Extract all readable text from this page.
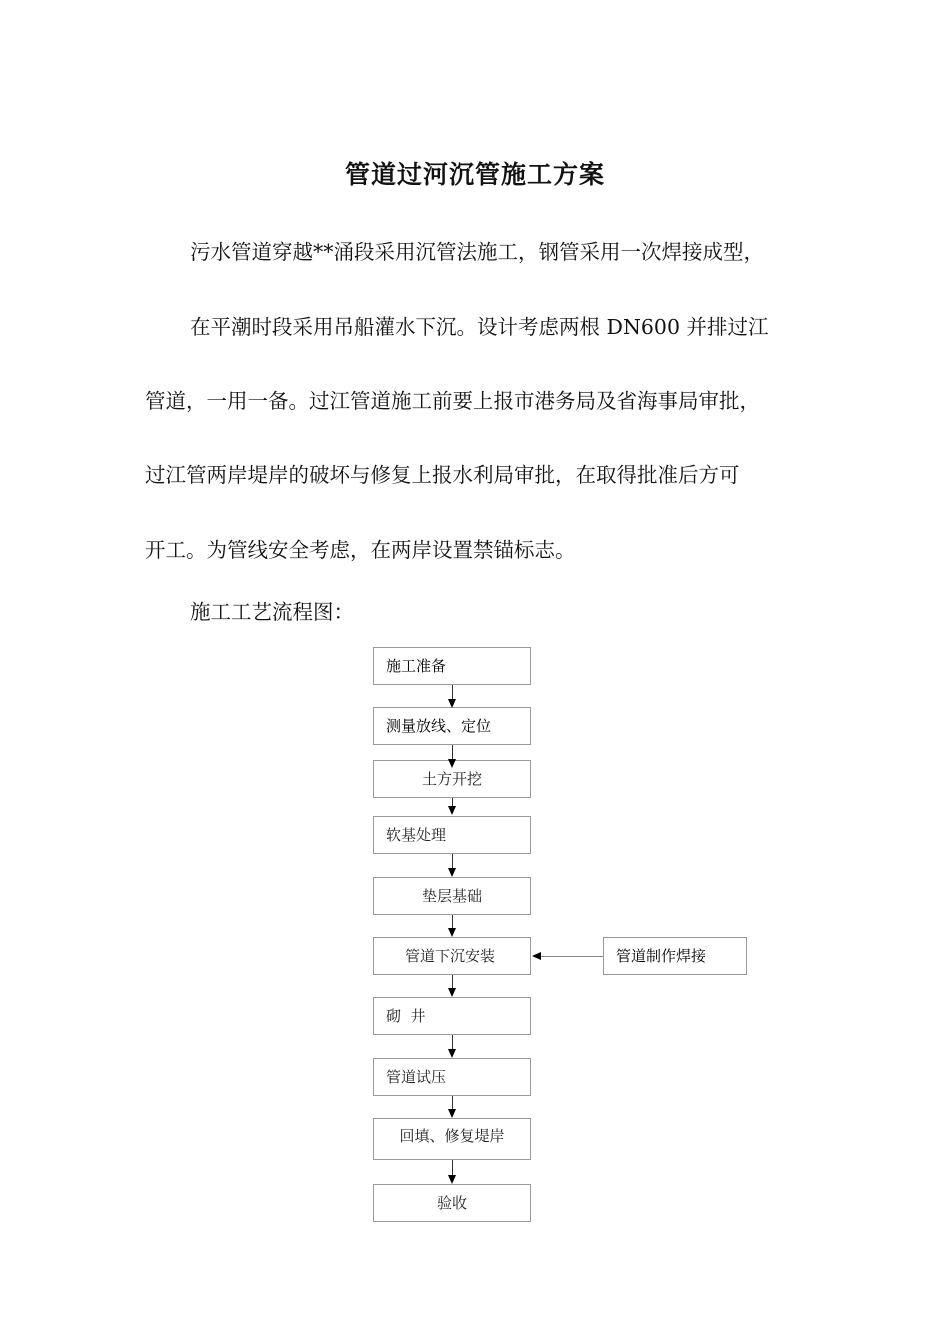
管道过河沉管施工方案
污水管道穿越**涌段采用沉管法施工，钢管采用一次焊接成型，
在平潮时段采用吊船灌水下沉。设计考虑两根 DN600 并排过江
管道，一用一备。过江管道施工前要上报市港务局及省海事局审批，
过江管两岸堤岸的破坏与修复上报水利局审批，在取得批准后方可
开工。为管线安全考虑，在两岸设置禁锚标志。
施工工艺流程图：
施工准备
测量放线、定位
土方开挖
软基处理
垫层基础
管道下沉安装
砌  井
管道试压
回填、修复堤岸
验收
管道制作焊接
